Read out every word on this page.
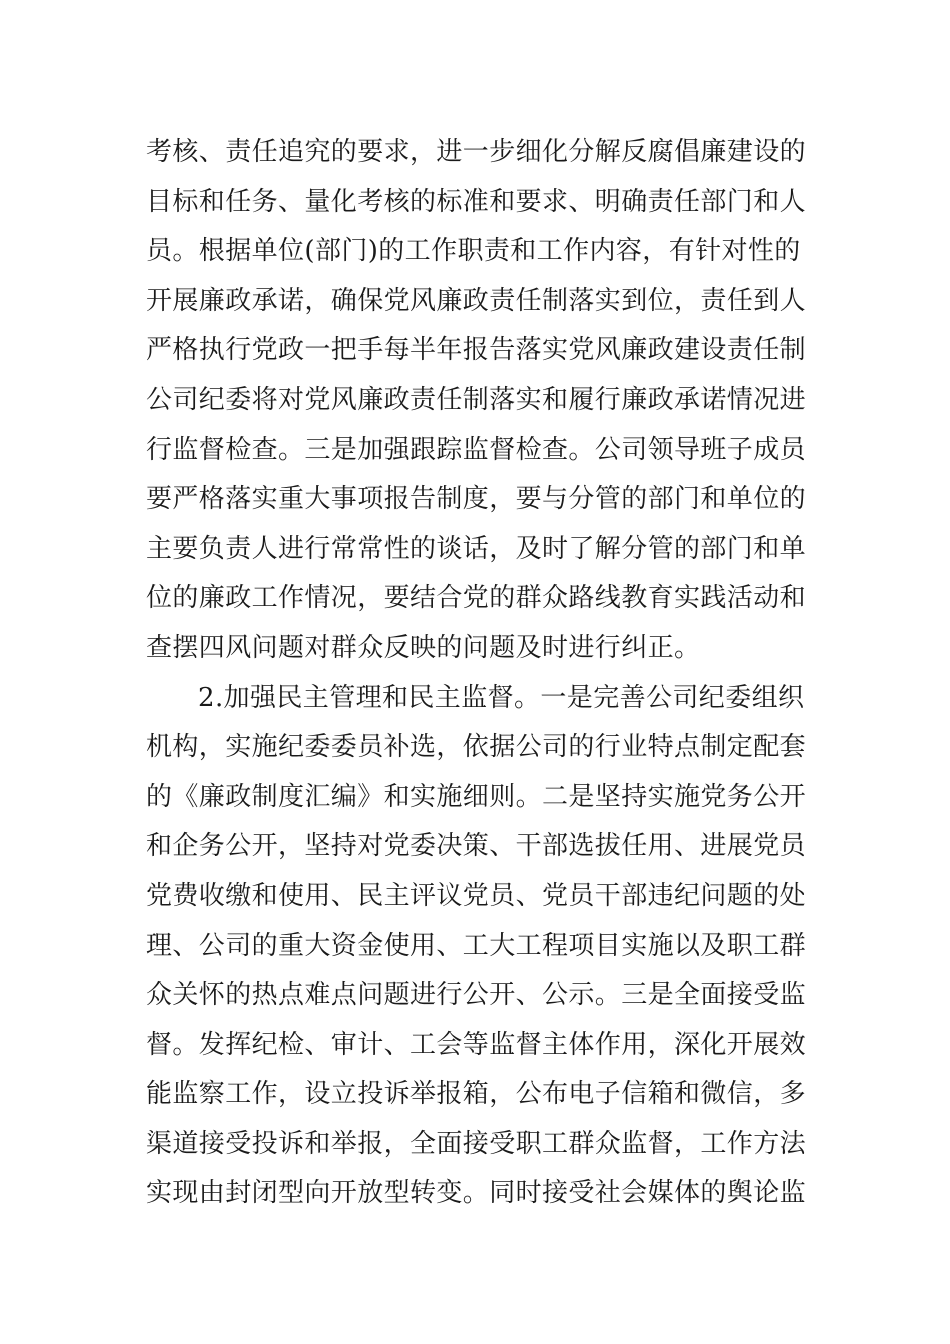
考核、责任追究的要求，进一步细化分解反腐倡廉建设的
目标和任务、量化考核的标准和要求、明确责任部门和人
员。根据单位(部门)的工作职责和工作内容，有针对性的
开展廉政承诺，确保党风廉政责任制落实到位，责任到人
严格执行党政一把手每半年报告落实党风廉政建设责任制
公司纪委将对党风廉政责任制落实和履行廉政承诺情况进
行监督检查。三是加强跟踪监督检查。公司领导班子成员
要严格落实重大事项报告制度，要与分管的部门和单位的
主要负责人进行常常性的谈话，及时了解分管的部门和单
位的廉政工作情况，要结合党的群众路线教育实践活动和
查摆四风问题对群众反映的问题及时进行纠正。
2.加强民主管理和民主监督。一是完善公司纪委组织
机构，实施纪委委员补选，依据公司的行业特点制定配套
的《廉政制度汇编》和实施细则。二是坚持实施党务公开
和企务公开，坚持对党委决策、干部选拔任用、进展党员
党费收缴和使用、民主评议党员、党员干部违纪问题的处
理、公司的重大资金使用、工大工程项目实施以及职工群
众关怀的热点难点问题进行公开、公示。三是全面接受监
督。发挥纪检、审计、工会等监督主体作用，深化开展效
能监察工作，设立投诉举报箱，公布电子信箱和微信，多
渠道接受投诉和举报，全面接受职工群众监督，工作方法
实现由封闭型向开放型转变。同时接受社会媒体的舆论监
